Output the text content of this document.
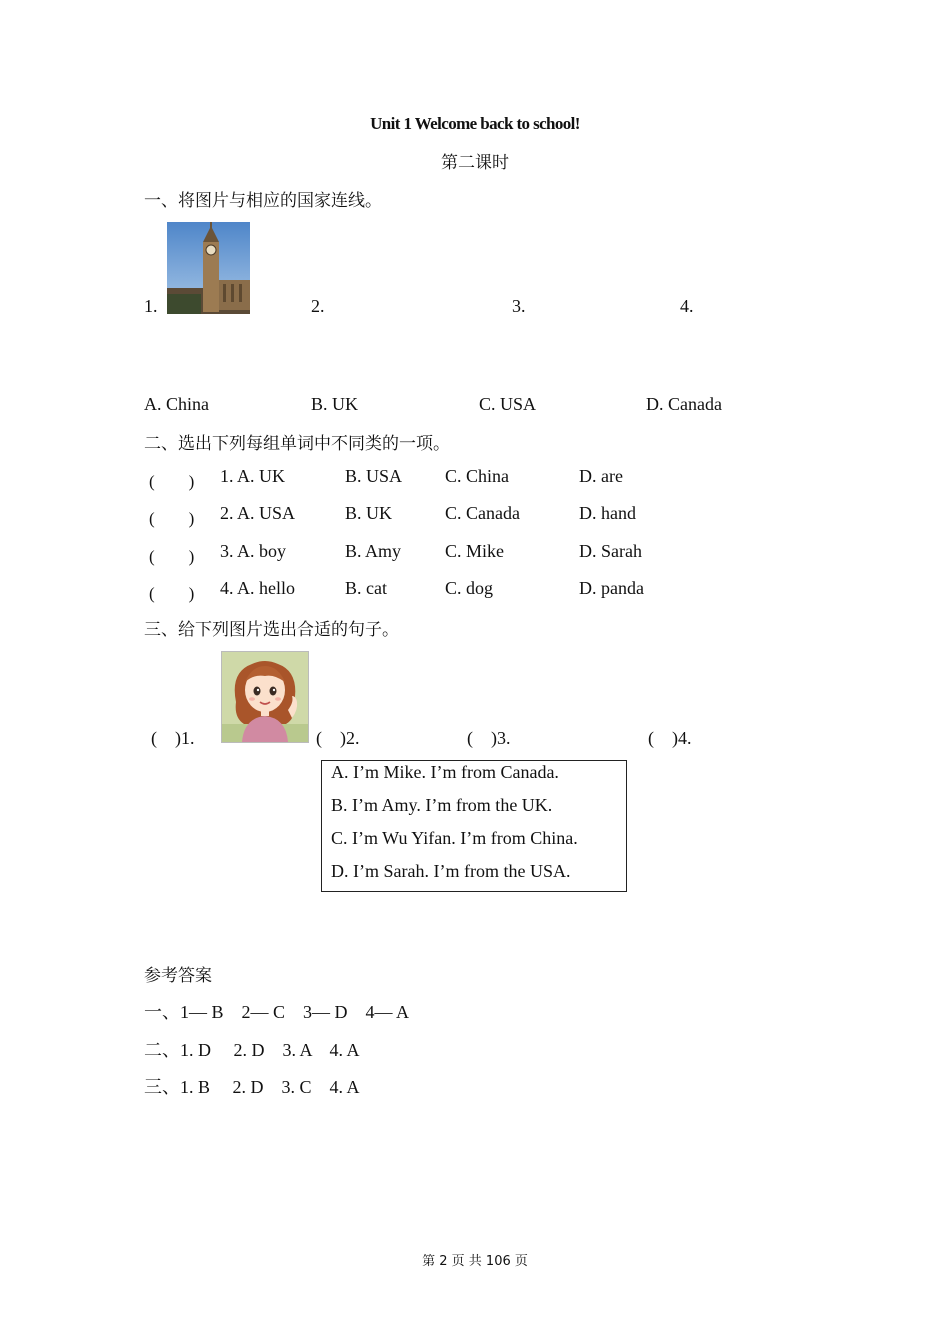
Unit 1 Welcome back to school!
第二课时
一、将图片与相应的国家连线。
1.	2.	3.	4.
A. China	B. UK	C. USA	D. Canada
二、选出下列每组单词中不同类的一项。
(　　) 1. A. UK	B. USA C. China	D. are
(　　) 2. A. USA	B. UK	C. Canada	D. hand
(　　) 3. A. boy	B. Amy C. Mike	D. Sarah
(　　) 4. A. hello	B. cat	C. dog	D. panda
三、给下列图片选出合适的句子。
(　)1.	(　)2.	(　)3.	(　)4.
A. I’m Mike. I’m from Canada.
B. I’m Amy. I’m from the UK.
C. I’m Wu Yifan. I’m from China.
D. I’m Sarah. I’m from the USA.
参考答案
一、1— B　2— C　3— D　4— A
二、1. D　 2. D　3. A　4. A
三、1. B　 2. D　3. C　4. A
第 2 页 共 106 页
